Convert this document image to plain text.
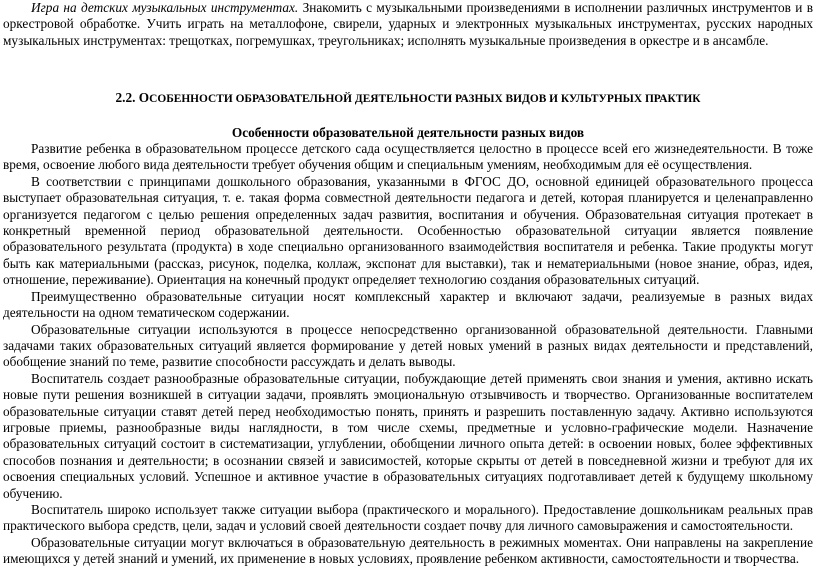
Игра на детских музыкальных инструментах. Знакомить с музыкальными произведениями в исполнении различных инструментов и в оркестровой обработке. Учить играть на металлофоне, свирели, ударных и электронных музыкальных инструментах, русских народных музыкальных инструментах: трещотках, погремушках, треугольниках; исполнять музыкальные произведения в оркестре и в ансамбле.

2.2. ОСОБЕННОСТИ ОБРАЗОВАТЕЛЬНОЙ ДЕЯТЕЛЬНОСТИ РАЗНЫХ ВИДОВ И КУЛЬТУРНЫХ ПРАКТИК

Особенности образовательной деятельности разных видов

Развитие ребенка в образовательном процессе детского сада осуществляется целостно в процессе всей его жизнедеятельности. В тоже время, освоение любого вида деятельности требует обучения общим и специальным умениям, необходимым для её осуществления.

В соответствии с принципами дошкольного образования, указанными в ФГОС ДО, основной единицей образовательного процесса выступает образовательная ситуация, т. е. такая форма совместной деятельности педагога и детей, которая планируется и целенаправленно организуется педагогом с целью решения определенных задач развития, воспитания и обучения. Образовательная ситуация протекает в конкретный временной период образовательной деятельности. Особенностью образовательной ситуации является появление образовательного результата (продукта) в ходе специально организованного взаимодействия воспитателя и ребенка. Такие продукты могут быть как материальными (рассказ, рисунок, поделка, коллаж, экспонат для выставки), так и нематериальными (новое знание, образ, идея, отношение, переживание). Ориентация на конечный продукт определяет технологию создания образовательных ситуаций.

Преимущественно образовательные ситуации носят комплексный характер и включают задачи, реализуемые в разных видах деятельности на одном тематическом содержании.

Образовательные ситуации используются в процессе непосредственно организованной образовательной деятельности. Главными задачами таких образовательных ситуаций является формирование у детей новых умений в разных видах деятельности и представлений, обобщение знаний по теме, развитие способности рассуждать и делать выводы.

Воспитатель создает разнообразные образовательные ситуации, побуждающие детей применять свои знания и умения, активно искать новые пути решения возникшей в ситуации задачи, проявлять эмоциональную отзывчивость и творчество. Организованные воспитателем образовательные ситуации ставят детей перед необходимостью понять, принять и разрешить поставленную задачу. Активно используются игровые приемы, разнообразные виды наглядности, в том числе схемы, предметные и условно-графические модели. Назначение образовательных ситуаций состоит в систематизации, углублении, обобщении личного опыта детей: в освоении новых, более эффективных способов познания и деятельности; в осознании связей и зависимостей, которые скрыты от детей в повседневной жизни и требуют для их освоения специальных условий. Успешное и активное участие в образовательных ситуациях подготавливает детей к будущему школьному обучению.

Воспитатель широко использует также ситуации выбора (практического и морального). Предоставление дошкольникам реальных прав практического выбора средств, цели, задач и условий своей деятельности создает почву для личного самовыражения и самостоятельности.

Образовательные ситуации могут включаться в образовательную деятельность в режимных моментах. Они направлены на закрепление имеющихся у детей знаний и умений, их применение в новых условиях, проявление ребенком активности, самостоятельности и творчества.
